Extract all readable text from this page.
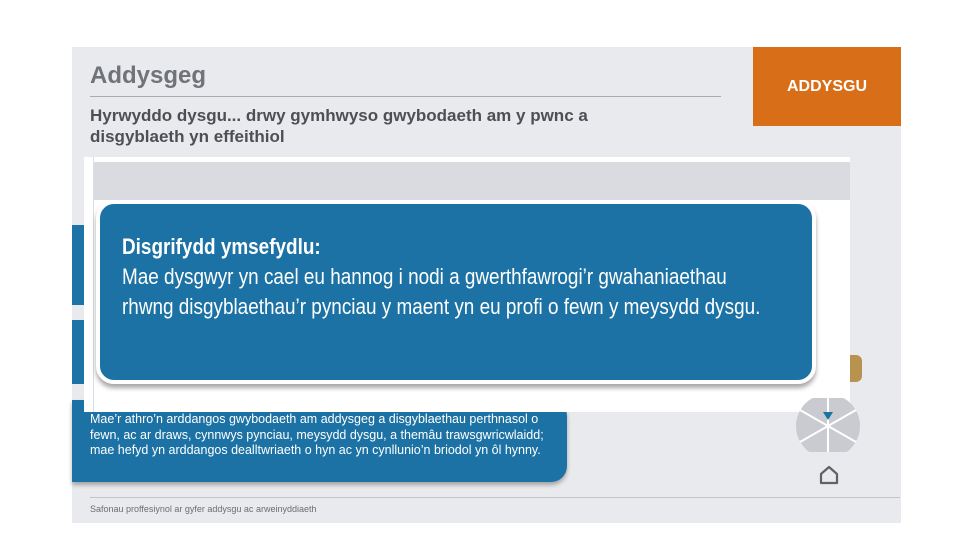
Addysgeg
Hyrwyddo dysgu... drwy gymhwyso gwybodaeth am y pwnc a disgyblaeth yn effeithiol
ADDYSGU
Mae’r athro’n arddangos gwybodaeth am addysgeg a disgyblaethau perthnasol o fewn, ac ar draws, cynnwys pynciau, meysydd dysgu, a themâu trawsgwricwlaidd; mae hefyd yn arddangos dealltwriaeth o hyn ac yn cynllunio’n briodol yn ôl hynny.
Disgrifydd ymsefydlu:
Mae dysgwyr yn cael eu hannog i nodi a gwerthfawrogi’r gwahaniaethau
rhwng disgyblaethau’r pynciau y maent yn eu profi o fewn y meysydd dysgu.
Safonau proffesiynol ar gyfer addysgu ac arweinyddiaeth
